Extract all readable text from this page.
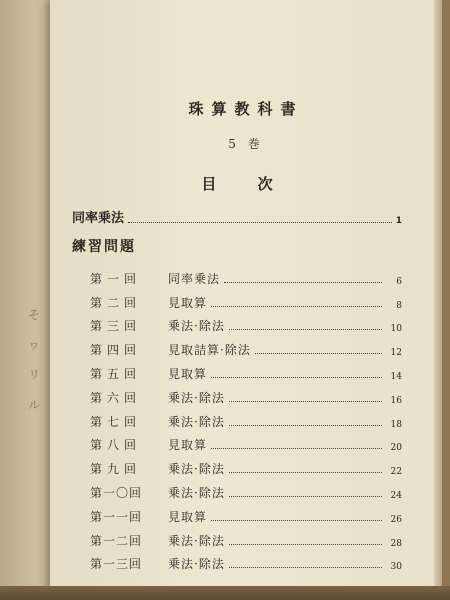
そ
ヮ
リ
ル
珠算教科書
5 巻
目 次
同率乗法	1
練習問題
第一回	同率乗法	6
第二回	見取算	8
第三回	乗法·除法	10
第四回	見取詰算·除法	12
第五回	見取算	14
第六回	乗法·除法	16
第七回	乗法·除法	18
第八回	見取算	20
第九回	乗法·除法	22
第一〇回	乗法·除法	24
第一一回	見取算	26
第一二回	乗法·除法	28
第一三回	乗法·除法	30
